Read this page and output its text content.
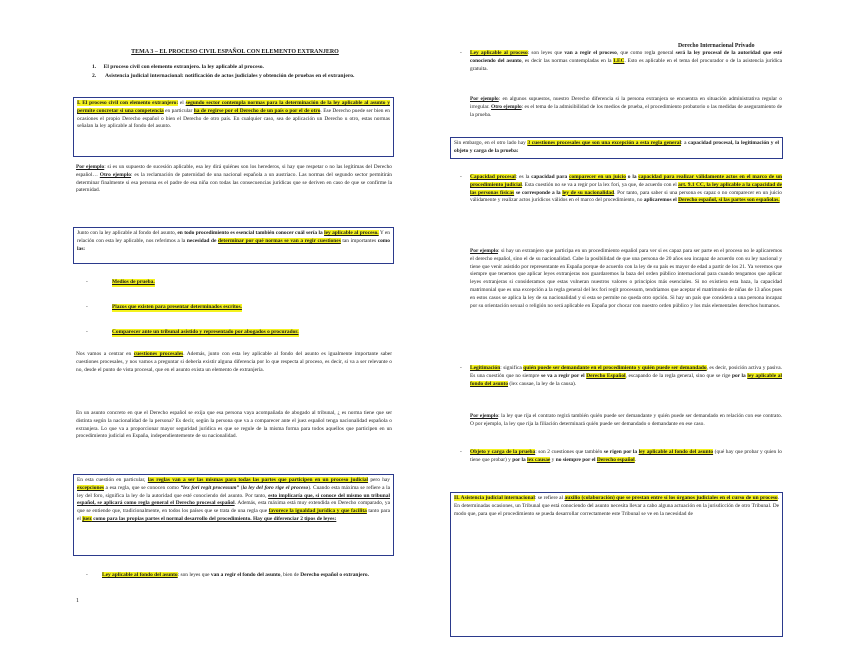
Derecho Internacional Privado
1
TEMA 3 – EL PROCESO CIVIL ESPAÑOL CON ELEMENTO EXTRANJERO
1. El proceso civil con elemento extranjero. la ley aplicable al proceso.
2. Asistencia judicial internacional: notificación de actos judiciales y obtención de pruebas en el extranjero.

I. El proceso civil con elemento extranjero: el segundo sector contempla normas para la determinación de la ley aplicable al asunto y permite concretar si una competencia en particular ha de regirse por el Derecho de un país o por el de otro. Ese Derecho puede ser bien en ocasiones el propio Derecho español o bien el Derecho de otro país. En cualquier caso, sea de aplicación un Derecho u otro, estas normas señalan la ley aplicable al fondo del asunto.

Por ejemplo: si es un supuesto de sucesión aplicable, esa ley dirá quiénes son los herederos, si hay que respetar o no las legítimas del Derecho español… Otro ejemplo: es la reclamación de paternidad de una nacional española a un austriaco. Las normas del segundo sector permitirán determinar finalmente si esa persona es el padre de esa niña con todas las consecuencias jurídicas que se deriven en caso de que se confirme la paternidad.

Junto con la ley aplicable al fondo del asunto, en todo procedimiento es esencial también conocer cuál sería la ley aplicable al proceso. Y en relación con esta ley aplicable, nos referimos a la necesidad de determinar por qué normas se van a regir cuestiones tan importantes como las:

-	Medios de prueba.
-	Plazos que existen para presentar determinados escritos.
-	Comparecer ante un tribunal asistido y representado por abogados o procurador.

Nos vamos a centrar en cuestiones procesales. Además, junto con esta ley aplicable al fondo del asunto es igualmente importante saber cuestiones procesales, y nos vamos a preguntar si debería existir alguna diferencia por lo que respecta al proceso, es decir, si va a ser relevante o no, desde el punto de vista procesal, que en el asunto exista un elemento de extranjería.

En un asunto concreto en que el Derecho español se exija que esa persona vaya acompañada de abogado al tribunal, ¿ es norma tiene que ser distinta según la nacionalidad de la persona? Es decir, según la persona que va a comparecer ante el juez español tenga nacionalidad española o extranjera. Lo que va a proporcionar mayor seguridad jurídica es que se regule de la misma forma para todos aquellos que participen en un procedimiento judicial en España, independientemente de su nacionalidad.

En esta cuestión en particular, las reglas van a ser las mismas para todas las partes que participen en un proceso judicial pero hay excepciones a esa regla, que se conocen como “lex fori regit processum” (la ley del foro rige el proceso). Cuando esta máxima se refiere a la ley del foro, significa la ley de la autoridad que esté conociendo del asunto. Por tanto, esto implicaría que, si conoce del mismo un tribunal español, se aplicará como regla general el Derecho procesal español. Además, esta máxima está muy extendida en Derecho comparado, ya que se entiende que, tradicionalmente, en todos los países que se trata de una regla que favorece la igualdad jurídica y que facilita tanto para el juez como para las propias partes el normal desarrollo del procedimiento. Hay que diferenciar 2 tipos de leyes:

-	Ley aplicable al fondo del asunto: son leyes que van a regir el fondo del asunto, bien de Derecho español o extranjero.

- Ley aplicable al proceso: son leyes que van a regir el proceso, que como regla general será la ley procesal de la autoridad que esté conociendo del asunto, es decir las normas contempladas en la LEC. Esto es aplicable en el tema del procurador o de la asistencia jurídica gratuita.

Por ejemplo: en algunos supuestos, nuestro Derecho diferencia si la persona extranjera se encuentra en situación administrativa regular o irregular. Otro ejemplo: es el tema de la admisibilidad de los medios de prueba, el procedimiento probatorio o las medidas de aseguramiento de la prueba.

Sin embargo, en el otro lado hay 3 cuestiones procesales que son una excepción a esta regla general: a capacidad procesal, la legitimación y el objeto y carga de la prueba:

- Capacidad procesal: es la capacidad para comparecer en un juicio o la capacidad para realizar válidamente actos en el marco de un procedimiento judicial. Esta cuestión no se va a regir por la lex fori, ya que, de acuerdo con el art. 9.1 CC, la ley aplicable a la capacidad de las personas físicas se corresponde a la ley de su nacionalidad. Por tanto, para saber si una persona es capaz o no comparecer en un juicio válidamente y realizar actos jurídicos válidos en el marco del procedimiento, no aplicaremos el Derecho español, si las partes son españolas.

Por ejemplo: si hay un extranjero que participa en un procedimiento español para ver si es capaz para ser parte en el proceso no le aplicaremos el derecho español, sino el de su nacionalidad. Cabe la posibilidad de que una persona de 20 años sea incapaz de acuerdo con su ley nacional y tiene que venir asistido por representante en España porque de acuerdo con la ley de su país es mayor de edad a partir de los 21. Ya veremos que siempre que tenemos que aplicar leyes extranjeras nos guardaremos la baza del orden público internacional para cuando tengamos que aplicar leyes extranjeras si consideramos que estas vulneran nuestros valores o principios más esenciales. Si no existiera esta baza, la capacidad matrimonial que es una excepción a la regla general del lex fori regit processum, tendríamos que aceptar el matrimonio de niñas de 13 años pues en estos casos se aplica la ley de su nacionalidad y si esta se permite no queda otro opción. Si hay un país que considera a una persona incapaz por su orientación sexual o religión no será aplicable en España por chocar con nuestro orden público y los más elementales derechos humanos.

- Legitimación: significa quién puede ser demandante en el procedimiento y quién puede ser demandado, es decir, posición activa y pasiva. Es una cuestión que no siempre se va a regir por el Derecho Español, escapando de la regla general, sino que se rige por la ley aplicable al fondo del asunto (lex causae, la ley de la causa).

Por ejemplo: la ley que rija el contrato regirá también quién puede ser demandante y quién puede ser demandado en relación con ese contrato. O por ejemplo, la ley que rija la filiación determinará quién puede ser demandado o demandante en ese caso.

- Objeto y carga de la prueba: son 2 cuestiones que también se rigen por la ley aplicable al fondo del asunto (qué hay que probar y quien lo tiene que probar) y por la lex causae y no siempre por el Derecho español.

II. Asistencia judicial internacional: se refiere al auxilio (colaboración) que se prestan entre sí los órganos judiciales en el curso de un proceso. En determinadas ocasiones, un Tribunal que está conociendo del asunto necesita llevar a cabo alguna actuación en la jurisdicción de otro Tribunal. De modo que, para que el procedimiento se pueda desarrollar correctamente este Tribunal se ve en la necesidad de
